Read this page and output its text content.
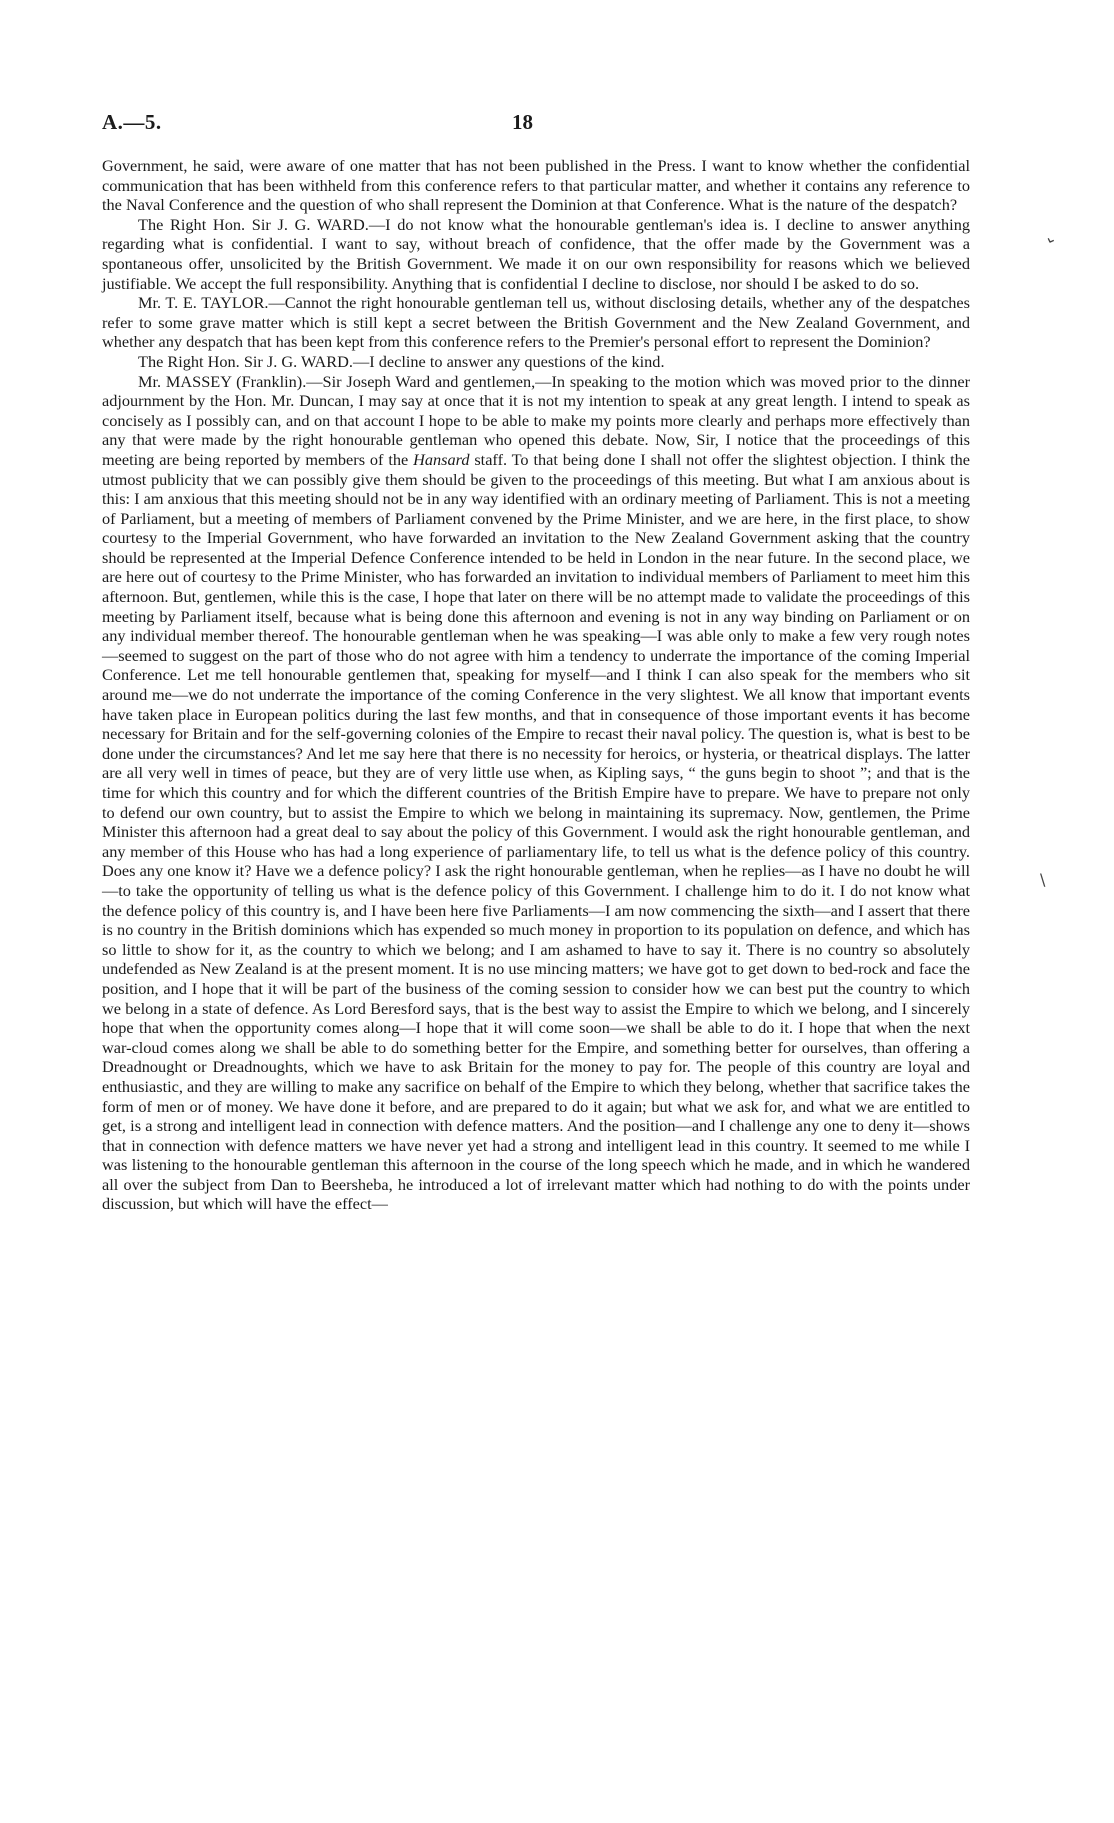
A.—5.	18

Government, he said, were aware of one matter that has not been published in the Press. I want to know whether the confidential communication that has been withheld from this conference refers to that particular matter, and whether it contains any reference to the Naval Conference and the question of who shall represent the Dominion at that Conference. What is the nature of the despatch?

The Right Hon. Sir J. G. WARD.—I do not know what the honourable gentleman's idea is. I decline to answer anything regarding what is confidential. I want to say, without breach of confidence, that the offer made by the Government was a spontaneous offer, unsolicited by the British Government. We made it on our own responsibility for reasons which we believed justifiable. We accept the full responsibility. Anything that is confidential I decline to disclose, nor should I be asked to do so.

Mr. T. E. TAYLOR.—Cannot the right honourable gentleman tell us, without disclosing details, whether any of the despatches refer to some grave matter which is still kept a secret between the British Government and the New Zealand Government, and whether any despatch that has been kept from this conference refers to the Premier's personal effort to represent the Dominion?

The Right Hon. Sir J. G. WARD.—I decline to answer any questions of the kind.

Mr. MASSEY (Franklin).—Sir Joseph Ward and gentlemen,—In speaking to the motion which was moved prior to the dinner adjournment by the Hon. Mr. Duncan, I may say at once that it is not my intention to speak at any great length. I intend to speak as concisely as I possibly can, and on that account I hope to be able to make my points more clearly and perhaps more effectively than any that were made by the right honourable gentleman who opened this debate. Now, Sir, I notice that the proceedings of this meeting are being reported by members of the Hansard staff. To that being done I shall not offer the slightest objection. I think the utmost publicity that we can possibly give them should be given to the proceedings of this meeting. But what I am anxious about is this: I am anxious that this meeting should not be in any way identified with an ordinary meeting of Parliament. This is not a meeting of Parliament, but a meeting of members of Parliament convened by the Prime Minister, and we are here, in the first place, to show courtesy to the Imperial Government, who have forwarded an invitation to the New Zealand Government asking that the country should be represented at the Imperial Defence Conference intended to be held in London in the near future. In the second place, we are here out of courtesy to the Prime Minister, who has forwarded an invitation to individual members of Parliament to meet him this afternoon. But, gentlemen, while this is the case, I hope that later on there will be no attempt made to validate the proceedings of this meeting by Parliament itself, because what is being done this afternoon and evening is not in any way binding on Parliament or on any individual member thereof. The honourable gentleman when he was speaking—I was able only to make a few very rough notes—seemed to suggest on the part of those who do not agree with him a tendency to underrate the importance of the coming Imperial Conference. Let me tell honourable gentlemen that, speaking for myself—and I think I can also speak for the members who sit around me—we do not underrate the importance of the coming Conference in the very slightest. We all know that important events have taken place in European politics during the last few months, and that in consequence of those important events it has become necessary for Britain and for the self-governing colonies of the Empire to recast their naval policy. The question is, what is best to be done under the circumstances? And let me say here that there is no necessity for heroics, or hysteria, or theatrical displays. The latter are all very well in times of peace, but they are of very little use when, as Kipling says, “ the guns begin to shoot ”; and that is the time for which this country and for which the different countries of the British Empire have to prepare. We have to prepare not only to defend our own country, but to assist the Empire to which we belong in maintaining its supremacy. Now, gentlemen, the Prime Minister this afternoon had a great deal to say about the policy of this Government. I would ask the right honourable gentleman, and any member of this House who has had a long experience of parliamentary life, to tell us what is the defence policy of this country. Does any one know it? Have we a defence policy? I ask the right honourable gentleman, when he replies—as I have no doubt he will—to take the opportunity of telling us what is the defence policy of this Government. I challenge him to do it. I do not know what the defence policy of this country is, and I have been here five Parliaments—I am now commencing the sixth—and I assert that there is no country in the British dominions which has expended so much money in proportion to its population on defence, and which has so little to show for it, as the country to which we belong; and I am ashamed to have to say it. There is no country so absolutely undefended as New Zealand is at the present moment. It is no use mincing matters; we have got to get down to bed-rock and face the position, and I hope that it will be part of the business of the coming session to consider how we can best put the country to which we belong in a state of defence. As Lord Beresford says, that is the best way to assist the Empire to which we belong, and I sincerely hope that when the opportunity comes along—I hope that it will come soon—we shall be able to do it. I hope that when the next war-cloud comes along we shall be able to do something better for the Empire, and something better for ourselves, than offering a Dreadnought or Dreadnoughts, which we have to ask Britain for the money to pay for. The people of this country are loyal and enthusiastic, and they are willing to make any sacrifice on behalf of the Empire to which they belong, whether that sacrifice takes the form of men or of money. We have done it before, and are prepared to do it again; but what we ask for, and what we are entitled to get, is a strong and intelligent lead in connection with defence matters. And the position—and I challenge any one to deny it—shows that in connection with defence matters we have never yet had a strong and intelligent lead in this country. It seemed to me while I was listening to the honourable gentleman this afternoon in the course of the long speech which he made, and in which he wandered all over the subject from Dan to Beersheba, he introduced a lot of irrelevant matter which had nothing to do with the points under discussion, but which will have the effect—

⌄
\
